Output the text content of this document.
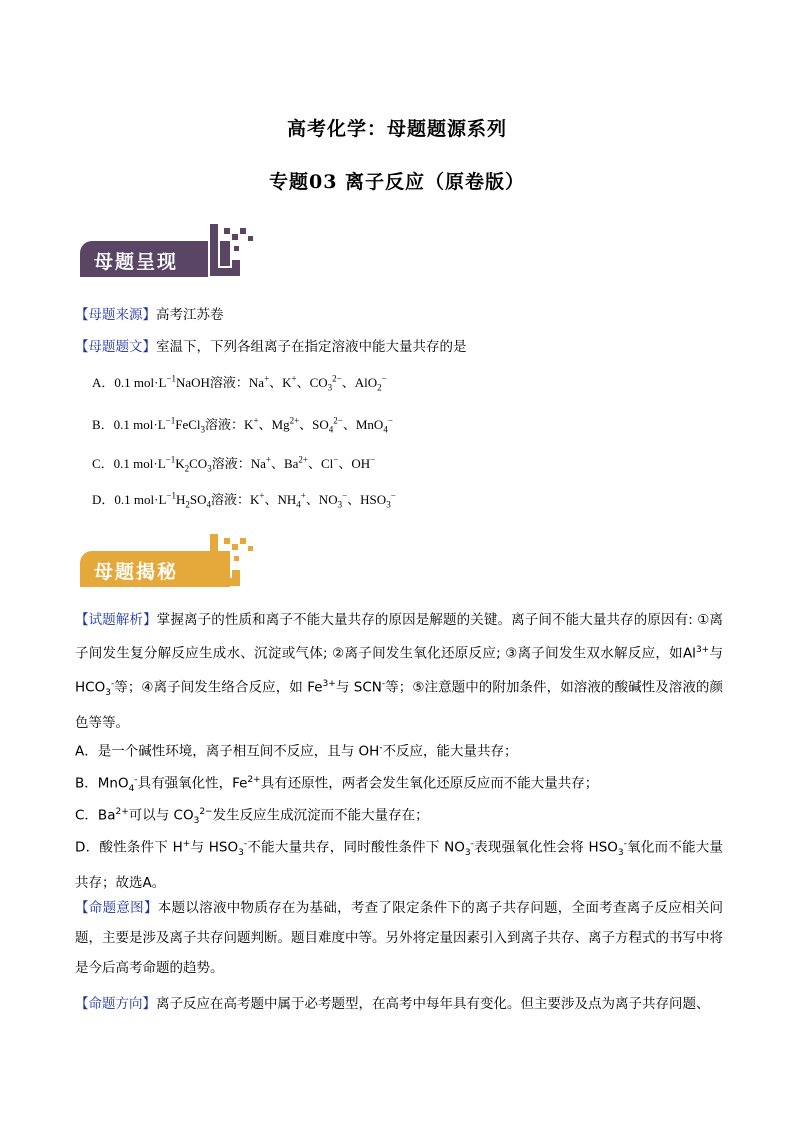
高考化学：母题题源系列
专题03 离子反应（原卷版）
母题呈现
【母题来源】高考江苏卷
【母题题文】室温下，下列各组离子在指定溶液中能大量共存的是
A．0.1 $mol\cdot L^{-1}NaOH$溶液：Na+、K+、$CO_3^{2-}$、AlO$_2$−
B．0.1 $mol\cdot L^{-1}FeCl_3$溶液：K+、$Mg^{2+}$、$SO_4^{2-}$、MnO$_4$−
C．0.1 $mol\cdot L^{-1}K_2CO_3$溶液：Na+、$Ba^{2+}$、Cl−、OH−
D．0.1 $mol\cdot L^{-1}H_2SO_4$溶液：K+、$NH_4^+$、$NO_3^-$、$HSO_3^-$
母题揭秘
【试题解析】掌握离子的性质和离子不能大量共存的原因是解题的关键。离子间不能大量共存的原因有: ①离子间发生复分解反应生成水、沉淀或气体; ②离子间发生氧化还原反应; ③离子间发生双水解反应，如$Al^{3+}$与$HCO_3^-$等；④离子间发生络合反应，如 $Fe^{3+}$与 SCN-等；⑤注意题中的附加条件，如溶液的酸碱性及溶液的颜色等等。
A．是一个碱性环境，离子相互间不反应，且与 OH-不反应，能大量共存；
B．MnO$_4$-具有强氧化性，$Fe^{2+}$具有还原性，两者会发生氧化还原反应而不能大量共存；
C．$Ba^{2+}$可以与 $CO_3^{2-}$发生反应生成沉淀而不能大量存在；
D．酸性条件下 H+与 $HSO_3^-$不能大量共存，同时酸性条件下 $NO_3^-$表现强氧化性会将 $HSO_3^-$氧化而不能大量共存；故选A。
【命题意图】本题以溶液中物质存在为基础，考查了限定条件下的离子共存问题，全面考查离子反应相关问题，主要是涉及离子共存问题判断。题目难度中等。另外将定量因素引入到离子共存、离子方程式的书写中将是今后高考命题的趋势。
【命题方向】离子反应在高考题中属于必考题型，在高考中每年具有变化。但主要涉及点为离子共存问题、
